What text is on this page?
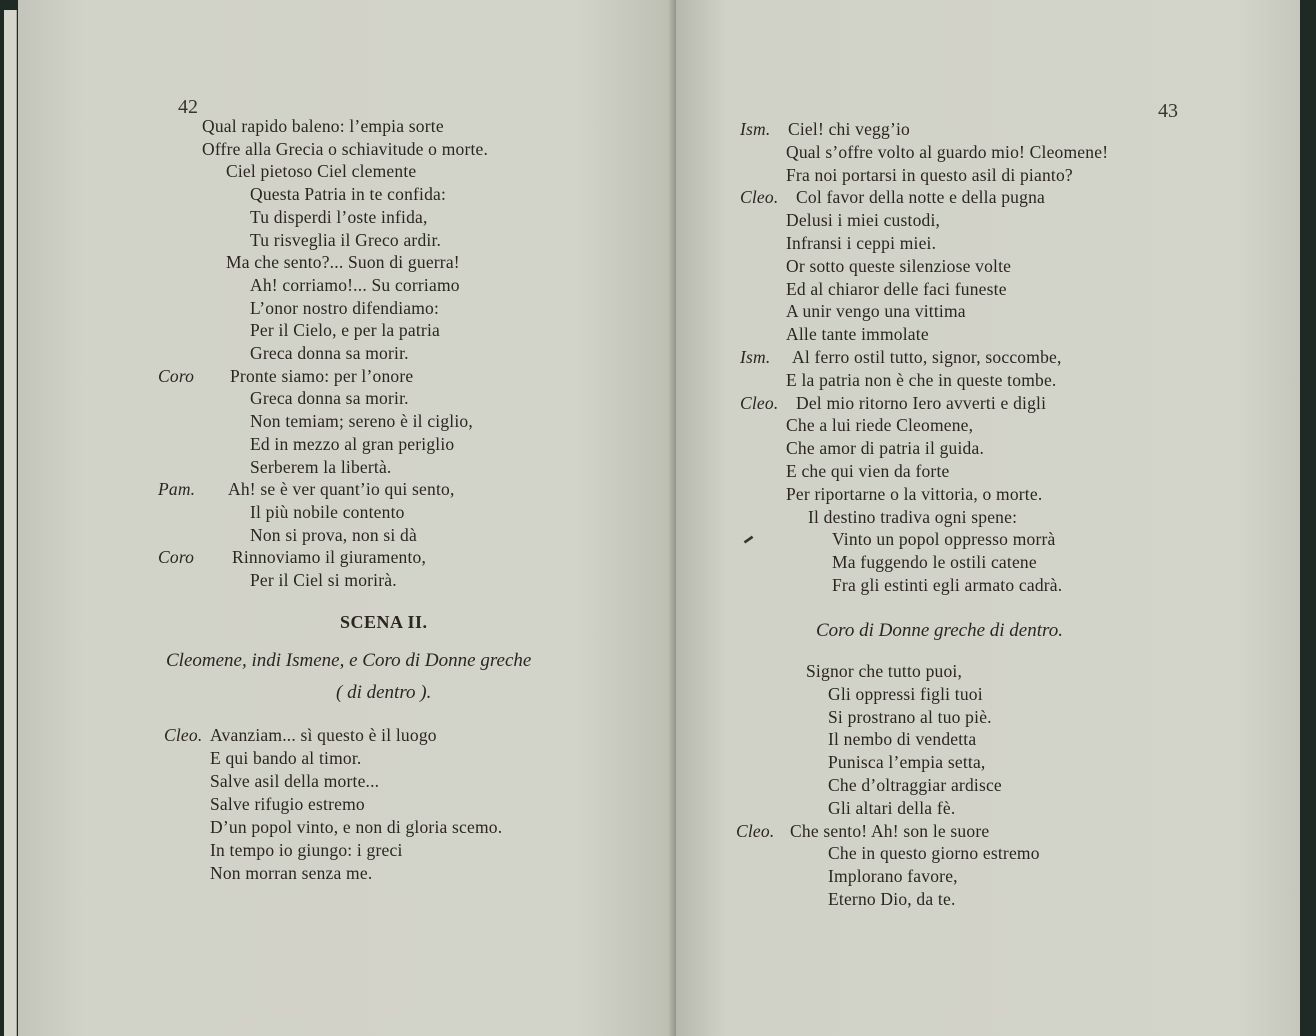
42
Qual rapido baleno: l’empia sorte
Offre alla Grecia o schiavitude o morte.
Ciel pietoso Ciel clemente
Questa Patria in te confida:
Tu disperdi l’oste infida,
Tu risveglia il Greco ardir.
Ma che sento?... Suon di guerra!
Ah! corriamo!... Su corriamo
L’onor nostro difendiamo:
Per il Cielo, e per la patria
Greca donna sa morir.
Coro Pronte siamo: per l’onore
Greca donna sa morir.
Non temiam; sereno è il ciglio,
Ed in mezzo al gran periglio
Serberem la libertà.
Pam. Ah! se è ver quant’io qui sento,
Il più nobile contento
Non si prova, non si dà
Coro Rinnoviamo il giuramento,
Per il Ciel si morirà.
SCENA II.
Cleomene, indi Ismene, e Coro di Donne greche
( di dentro ).
Cleo. Avanziam... sì questo è il luogo
E qui bando al timor.
Salve asil della morte...
Salve rifugio estremo
D’un popol vinto, e non di gloria scemo.
In tempo io giungo: i greci
Non morran senza me.
43
Ism. Ciel! chi vegg’io
Qual s’offre volto al guardo mio! Cleomene!
Fra noi portarsi in questo asil di pianto?
Cleo. Col favor della notte e della pugna
Delusi i miei custodi,
Infransi i ceppi miei.
Or sotto queste silenziose volte
Ed al chiaror delle faci funeste
A unir vengo una vittima
Alle tante immolate
Ism. Al ferro ostil tutto, signor, soccombe,
E la patria non è che in queste tombe.
Cleo. Del mio ritorno Iero avverti e digli
Che a lui riede Cleomene,
Che amor di patria il guida.
E che qui vien da forte
Per riportarne o la vittoria, o morte.
Il destino tradiva ogni spene:
Vinto un popol oppresso morrà
Ma fuggendo le ostili catene
Fra gli estinti egli armato cadrà.
Coro di Donne greche di dentro.
Signor che tutto puoi,
Gli oppressi figli tuoi
Si prostrano al tuo piè.
Il nembo di vendetta
Punisca l’empia setta,
Che d’oltraggiar ardisce
Gli altari della fè.
Cleo. Che sento! Ah! son le suore
Che in questo giorno estremo
Implorano favore,
Eterno Dio, da te.
━
